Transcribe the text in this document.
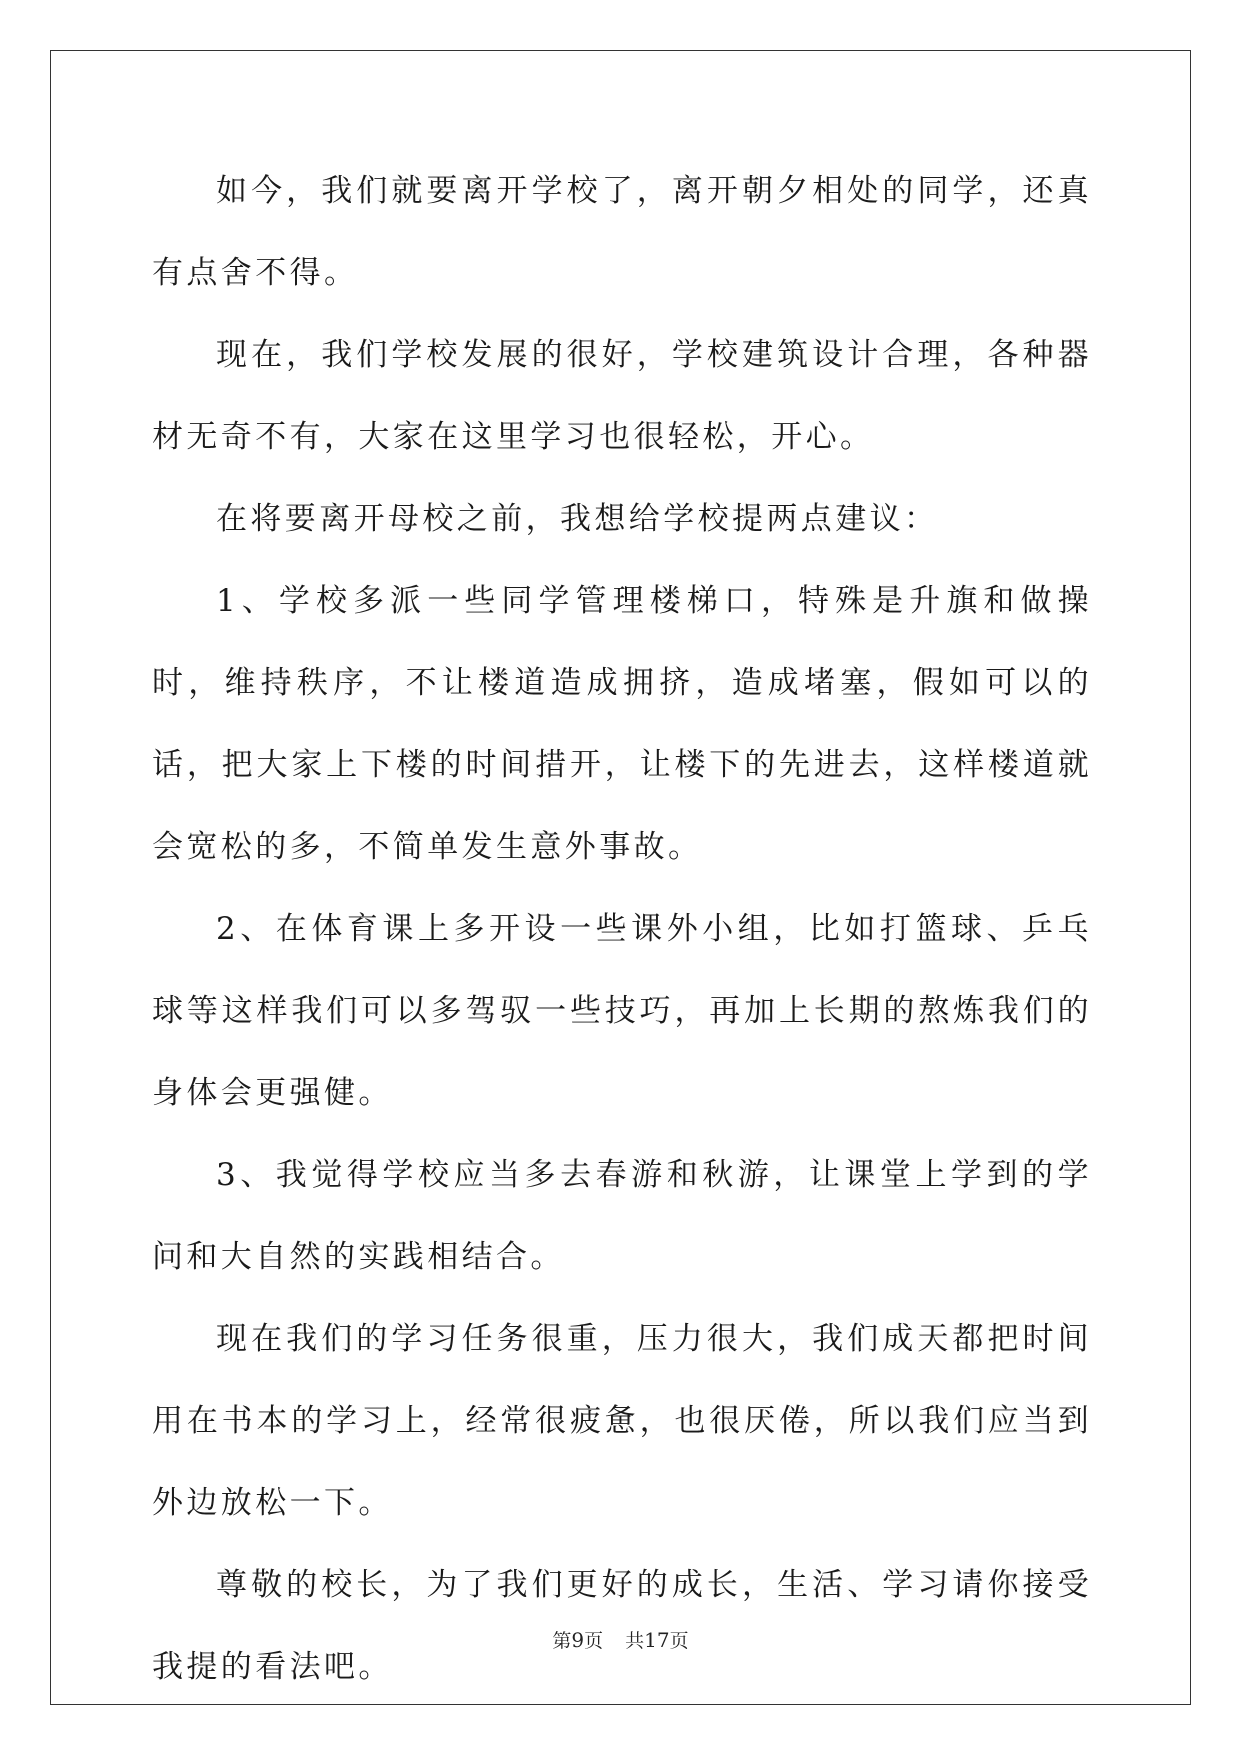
如今，我们就要离开学校了，离开朝夕相处的同学，还真有点舍不得。

现在，我们学校发展的很好，学校建筑设计合理，各种器材无奇不有，大家在这里学习也很轻松，开心。

在将要离开母校之前，我想给学校提两点建议：

1、学校多派一些同学管理楼梯口，特殊是升旗和做操时，维持秩序，不让楼道造成拥挤，造成堵塞，假如可以的话，把大家上下楼的时间措开，让楼下的先进去，这样楼道就会宽松的多，不简单发生意外事故。

2、在体育课上多开设一些课外小组，比如打篮球、乒乓球等这样我们可以多驾驭一些技巧，再加上长期的熬炼我们的身体会更强健。

3、我觉得学校应当多去春游和秋游，让课堂上学到的学问和大自然的实践相结合。

现在我们的学习任务很重，压力很大，我们成天都把时间用在书本的学习上，经常很疲惫，也很厌倦，所以我们应当到外边放松一下。

尊敬的校长，为了我们更好的成长，生活、学习请你接受我提的看法吧。

第9页 共17页
